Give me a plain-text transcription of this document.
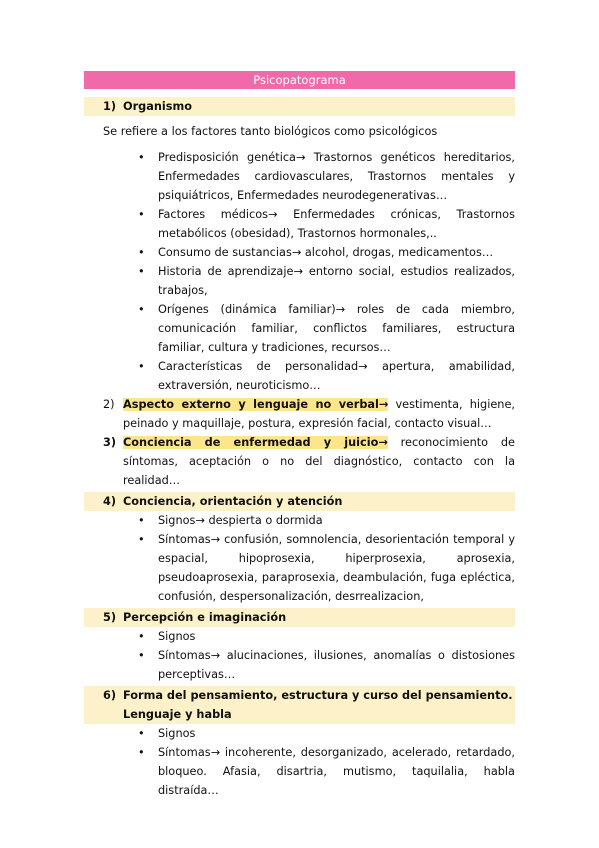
Psicopatograma
1) Organismo
Se refiere a los factores tanto biológicos como psicológicos
• Predisposición genética→ Trastornos genéticos hereditarios, Enfermedades cardiovasculares, Trastornos mentales y psiquiátricos, Enfermedades neurodegenerativas…
• Factores médicos→ Enfermedades crónicas, Trastornos metabólicos (obesidad), Trastornos hormonales,..
• Consumo de sustancias→ alcohol, drogas, medicamentos…
• Historia de aprendizaje→ entorno social, estudios realizados, trabajos,
• Orígenes (dinámica familiar)→ roles de cada miembro, comunicación familiar, conflictos familiares, estructura familiar, cultura y tradiciones, recursos…
• Características de personalidad→ apertura, amabilidad, extraversión, neuroticismo…
2) Aspecto externo y lenguaje no verbal→ vestimenta, higiene, peinado y maquillaje, postura, expresión facial, contacto visual…
3) Conciencia de enfermedad y juicio→ reconocimiento de síntomas, aceptación o no del diagnóstico, contacto con la realidad…
4) Conciencia, orientación y atención
• Signos→ despierta o dormida
• Síntomas→ confusión, somnolencia, desorientación temporal y espacial, hipoprosexia, hiperprosexia, aprosexia, pseudoaprosexia, paraprosexia, deambulación, fuga epléctica, confusión, despersonalización, desrrealizacion,
5) Percepción e imaginación
• Signos
• Síntomas→ alucinaciones, ilusiones, anomalías o distosiones perceptivas…
6) Forma del pensamiento, estructura y curso del pensamiento. Lenguaje y habla
• Signos
• Síntomas→ incoherente, desorganizado, acelerado, retardado, bloqueo. Afasia, disartria, mutismo, taquilalia, habla distraída…
